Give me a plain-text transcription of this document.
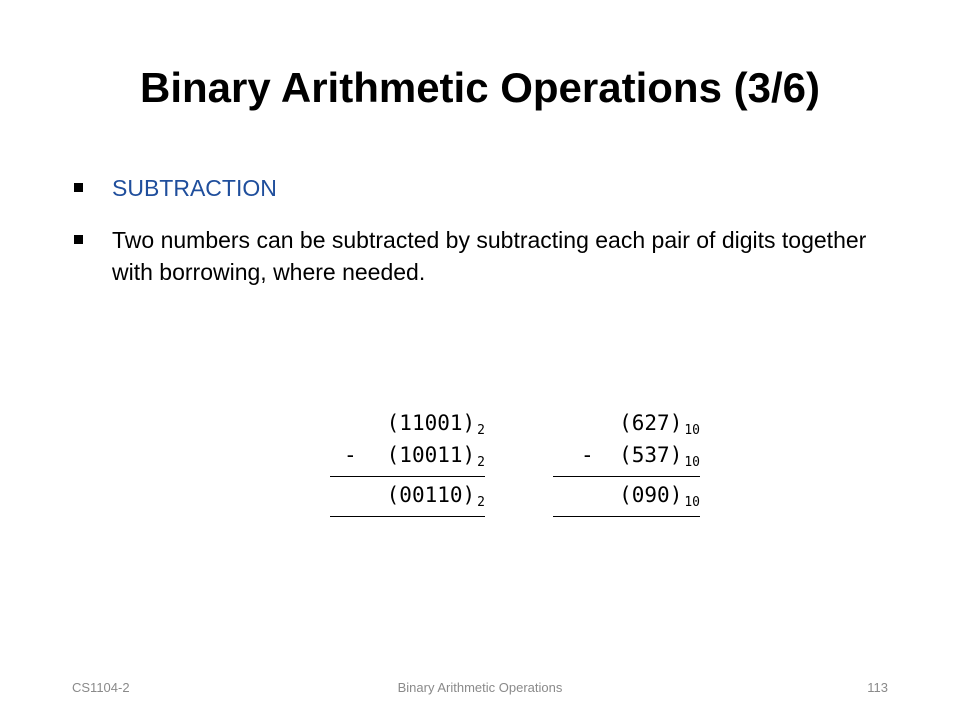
Binary Arithmetic Operations (3/6)
SUBTRACTION
Two numbers can be subtracted by subtracting each pair of digits together with borrowing, where needed.
(11001) 2
- (10011) 2
(00110) 2
(627) 10
- (537) 10
(090) 10
CS1104-2	Binary Arithmetic Operations	113
